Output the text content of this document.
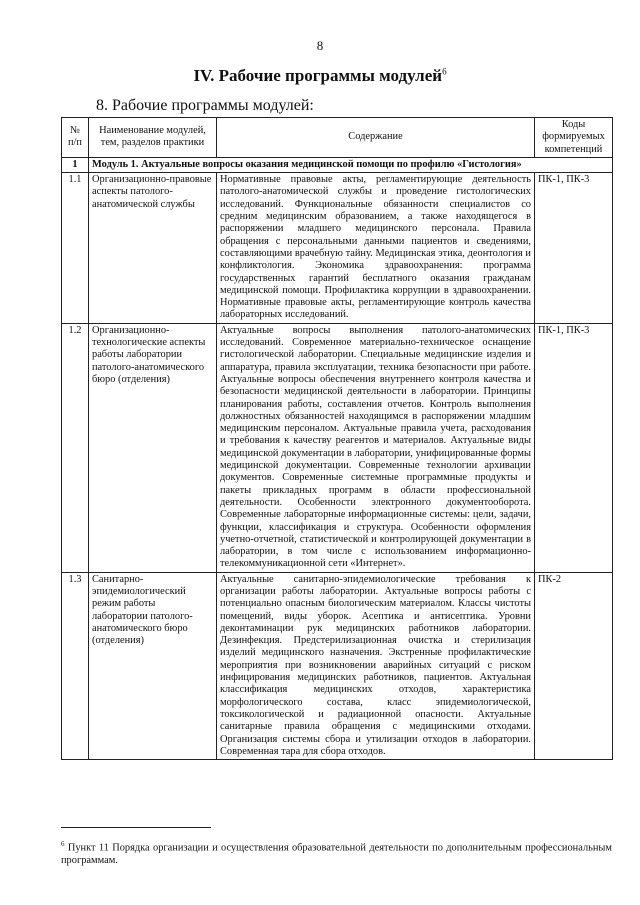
8
IV. Рабочие программы модулей$^6$
8. Рабочие программы модулей:
№ п/п	Наименование модулей, тем, разделов практики	Содержание	Коды формируемых компетенций
1	Модуль 1. Актуальные вопросы оказания медицинской помощи по профилю «Гистология»		
1.1	Организационно-правовые аспекты патолого-анатомической службы	Нормативные правовые акты, регламентирующие деятельность патолого-анатомической службы и проведение гистологических исследований. Функциональные обязанности специалистов со средним медицинским образованием, а также находящегося в распоряжении младшего медицинского персонала. Правила обращения с персональными данными пациентов и сведениями, составляющими врачебную тайну. Медицинская этика, деонтология и конфликтология. Экономика здравоохранения: программа государственных гарантий бесплатного оказания гражданам медицинской помощи. Профилактика коррупции в здравоохранении. Нормативные правовые акты, регламентирующие контроль качества лабораторных исследований.	ПК-1, ПК-3
1.2	Организационно-технологические аспекты работы лаборатории патолого-анатомического бюро (отделения)	Актуальные вопросы выполнения патолого-анатомических исследований. Современное материально-техническое оснащение гистологической лаборатории. Специальные медицинские изделия и аппаратура, правила эксплуатации, техника безопасности при работе. Актуальные вопросы обеспечения внутреннего контроля качества и безопасности медицинской деятельности в лаборатории. Принципы планирования работы, составления отчетов. Контроль выполнения должностных обязанностей находящимся в распоряжении младшим медицинским персоналом. Актуальные правила учета, расходования и требования к качеству реагентов и материалов. Актуальные виды медицинской документации в лаборатории, унифицированные формы медицинской документации. Современные технологии архивации документов. Современные системные программные продукты и пакеты прикладных программ в области профессиональной деятельности. Особенности электронного документооборота. Современные лабораторные информационные системы: цели, задачи, функции, классификация и структура. Особенности оформления учетно-отчетной, статистической и контролирующей документации в лаборатории, в том числе с использованием информационно-телекоммуникационной сети «Интернет».	ПК-1, ПК-3
1.3	Санитарно-эпидемиологический режим работы лаборатории патолого-анатомического бюро (отделения)	Актуальные санитарно-эпидемиологические требования к организации работы лаборатории. Актуальные вопросы работы с потенциально опасным биологическим материалом. Классы чистоты помещений, виды уборок. Асептика и антисептика. Уровни деконтаминации рук медицинских работников лаборатории. Дезинфекция. Предстерилизационная очистка и стерилизация изделий медицинского назначения. Экстренные профилактические мероприятия при возникновении аварийных ситуаций с риском инфицирования медицинских работников, пациентов. Актуальная классификация медицинских отходов, характеристика морфологического состава, класс эпидемиологической, токсикологической и радиационной опасности. Актуальные санитарные правила обращения с медицинскими отходами. Организация системы сбора и утилизации отходов в лаборатории. Современная тара для сбора отходов.	ПК-2
$^6$ Пункт 11 Порядка организации и осуществления образовательной деятельности по дополнительным профессиональным программам.
